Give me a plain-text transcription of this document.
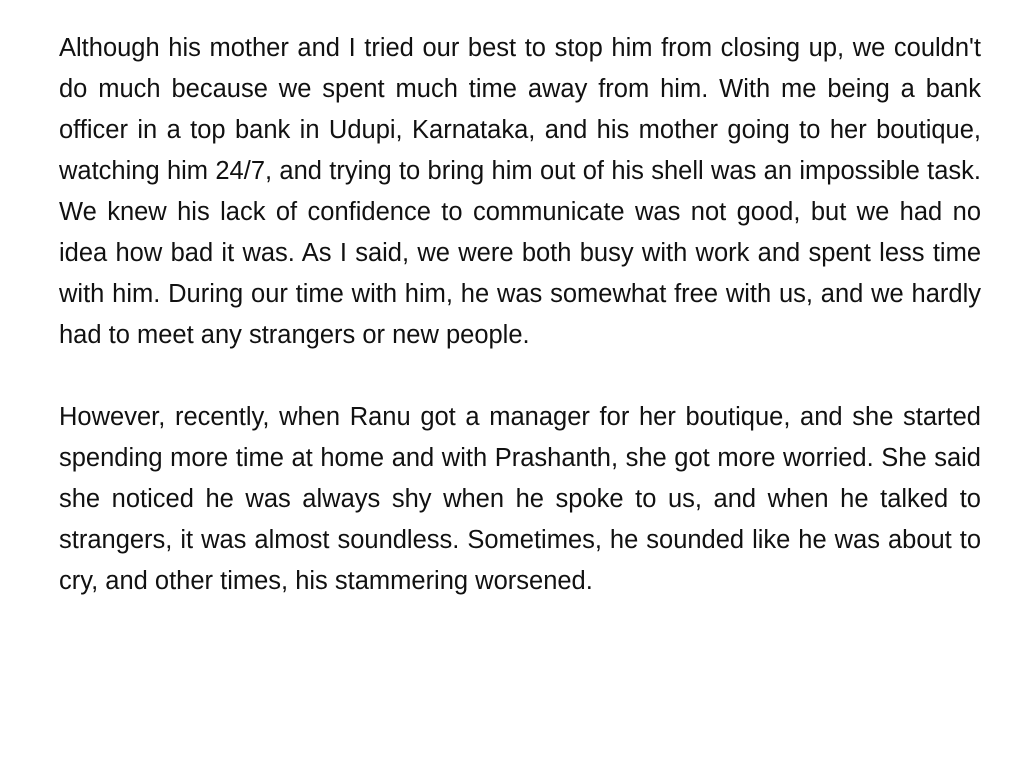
Although his mother and I tried our best to stop him from closing up, we couldn't do much because we spent much time away from him. With me being a bank officer in a top bank in Udupi, Karnataka, and his mother going to her boutique, watching him 24/7, and trying to bring him out of his shell was an impossible task. We knew his lack of confidence to communicate was not good, but we had no idea how bad it was. As I said, we were both busy with work and spent less time with him. During our time with him, he was somewhat free with us, and we hardly had to meet any strangers or new people.

However, recently, when Ranu got a manager for her boutique, and she started spending more time at home and with Prashanth, she got more worried. She said she noticed he was always shy when he spoke to us, and when he talked to strangers, it was almost soundless. Sometimes, he sounded like he was about to cry, and other times, his stammering worsened.
